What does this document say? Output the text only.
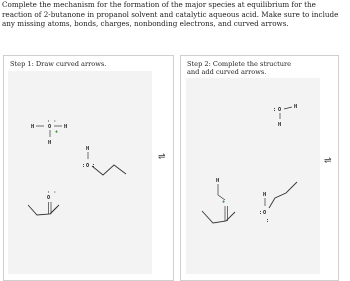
Complete the mechanism for the formation of the major species at equilibrium for the reaction of 2-butanone in propanol solvent and catalytic aqueous acid. Make sure to include any missing atoms, bonds, charges, nonbonding electrons, and curved arrows.

Step 1: Draw curved arrows.

H
· ·
O H
H
+
H
: O :
· ·
O
⇌

Step 2: Complete the structure and add curved arrows.

: O H
H
H
+
H
: O
:
⇌
